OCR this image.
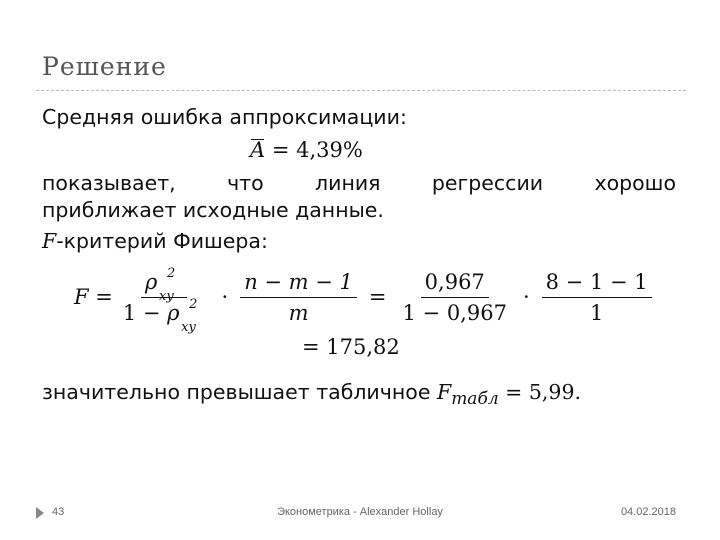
Решение
Средняя ошибка аппроксимации:
A = 4,39%
показывает,	что	линия	регрессии	хорошо
приближает исходные данные.
F-критерий Фишера:
F = ρ 2
xy
1 − ρ 2
xy · $\frac{n - m - 1}{m} = \frac{0,967}{1 - 0,967} \cdot \frac{8 - 1 - 1}{1}$
= 175,82
значительно превышает табличное $F_{табл} = 5,99$.
43	Эконометрика - Alexander Hollay	04.02.2018
